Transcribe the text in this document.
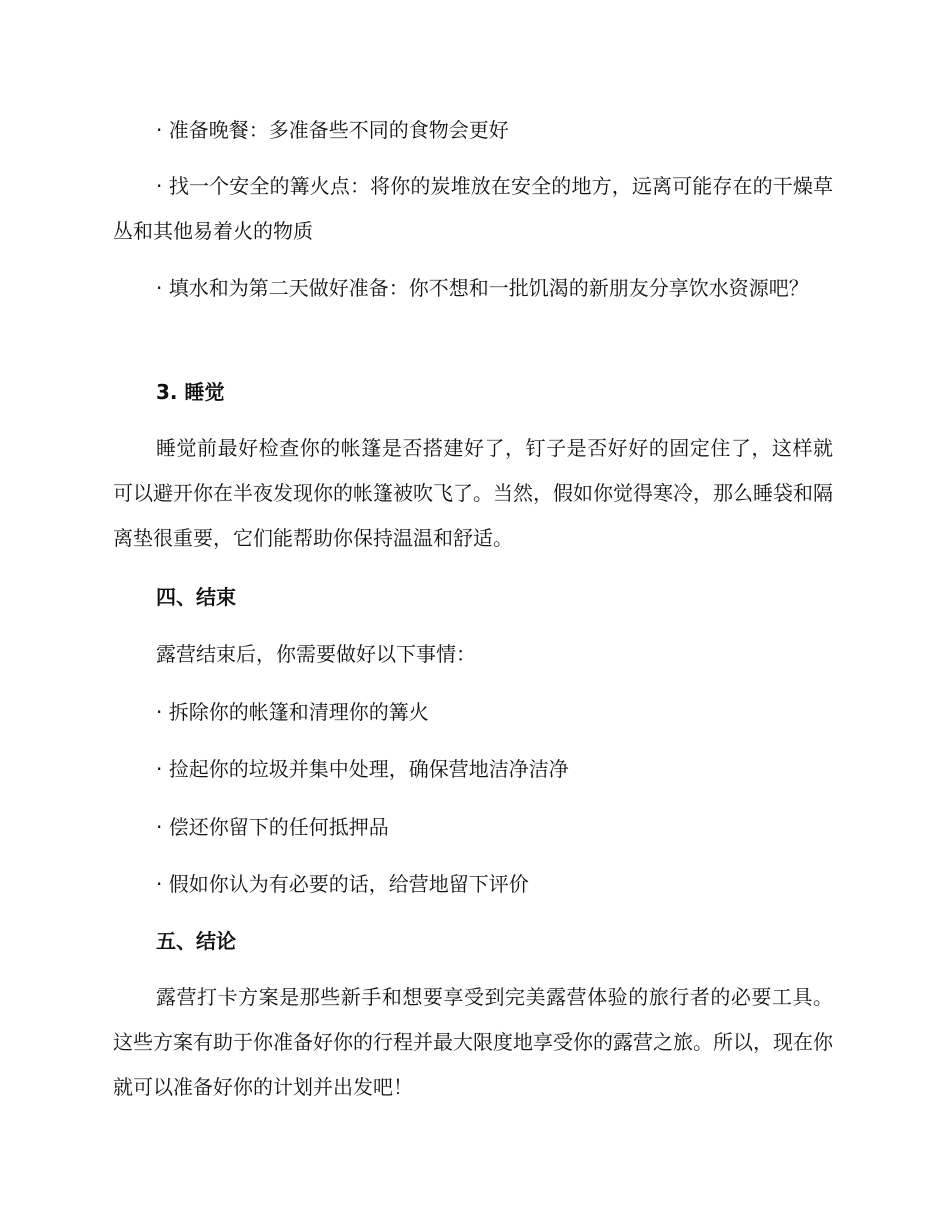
· 准备晚餐：多准备些不同的食物会更好
· 找一个安全的篝火点：将你的炭堆放在安全的地方，远离可能存在的干燥草丛和其他易着火的物质
· 填水和为第二天做好准备：你不想和一批饥渴的新朋友分享饮水资源吧？
3. 睡觉
睡觉前最好检查你的帐篷是否搭建好了，钉子是否好好的固定住了，这样就可以避开你在半夜发现你的帐篷被吹飞了。当然，假如你觉得寒冷，那么睡袋和隔离垫很重要，它们能帮助你保持温温和舒适。
四、结束
露营结束后，你需要做好以下事情：
· 拆除你的帐篷和清理你的篝火
· 捡起你的垃圾并集中处理，确保营地洁净洁净
· 偿还你留下的任何抵押品
· 假如你认为有必要的话，给营地留下评价
五、结论
露营打卡方案是那些新手和想要享受到完美露营体验的旅行者的必要工具。这些方案有助于你准备好你的行程并最大限度地享受你的露营之旅。所以，现在你就可以准备好你的计划并出发吧！
